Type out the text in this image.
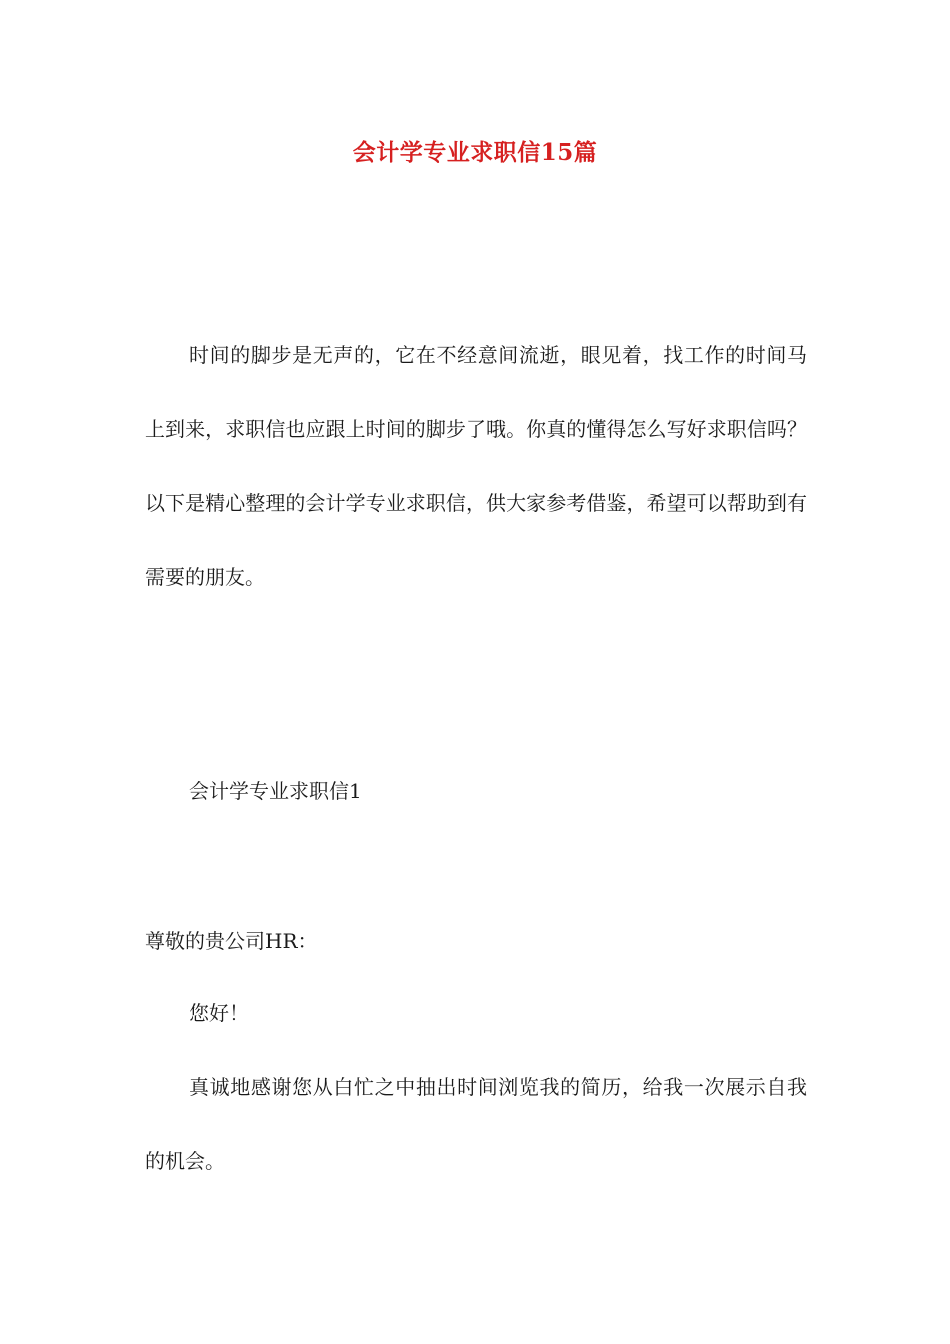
会计学专业求职信15篇

时间的脚步是无声的，它在不经意间流逝，眼见着，找工作的时间马上到来，求职信也应跟上时间的脚步了哦。你真的懂得怎么写好求职信吗？以下是精心整理的会计学专业求职信，供大家参考借鉴，希望可以帮助到有需要的朋友。

会计学专业求职信1

尊敬的贵公司HR：

您好！

真诚地感谢您从白忙之中抽出时间浏览我的简历，给我一次展示自我的机会。
